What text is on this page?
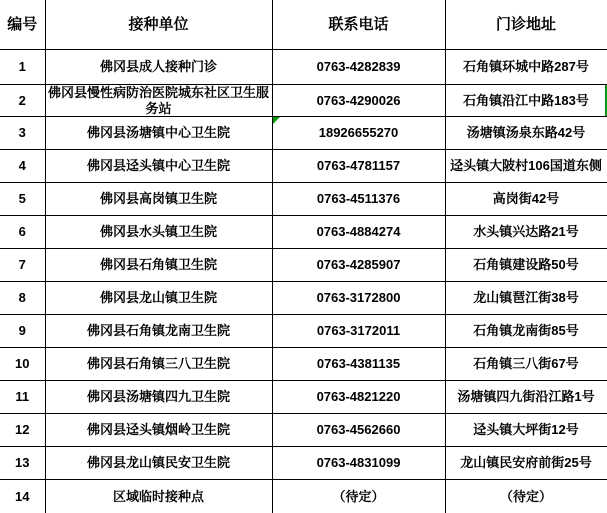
编号	接种单位	联系电话	门诊地址
1	佛冈县成人接种门诊	0763-4282839	石角镇环城中路287号
2	佛冈县慢性病防治医院城东社区卫生服务站	0763-4290026	石角镇沿江中路183号

3	佛冈县汤塘镇中心卫生院	18926655270	汤塘镇汤泉东路42号
4	佛冈县迳头镇中心卫生院	0763-4781157	迳头镇大陂村106国道东侧
5	佛冈县高岗镇卫生院	0763-4511376	高岗街42号
6	佛冈县水头镇卫生院	0763-4884274	水头镇兴达路21号
7	佛冈县石角镇卫生院	0763-4285907	石角镇建设路50号
8	佛冈县龙山镇卫生院	0763-3172800	龙山镇琶江街38号
9	佛冈县石角镇龙南卫生院	0763-3172011	石角镇龙南街85号
10	佛冈县石角镇三八卫生院	0763-4381135	石角镇三八街67号
11	佛冈县汤塘镇四九卫生院	0763-4821220	汤塘镇四九街沿江路1号
12	佛冈县迳头镇烟岭卫生院	0763-4562660	迳头镇大坪街12号
13	佛冈县龙山镇民安卫生院	0763-4831099	龙山镇民安府前街25号
14	区域临时接种点	（待定）	（待定）
